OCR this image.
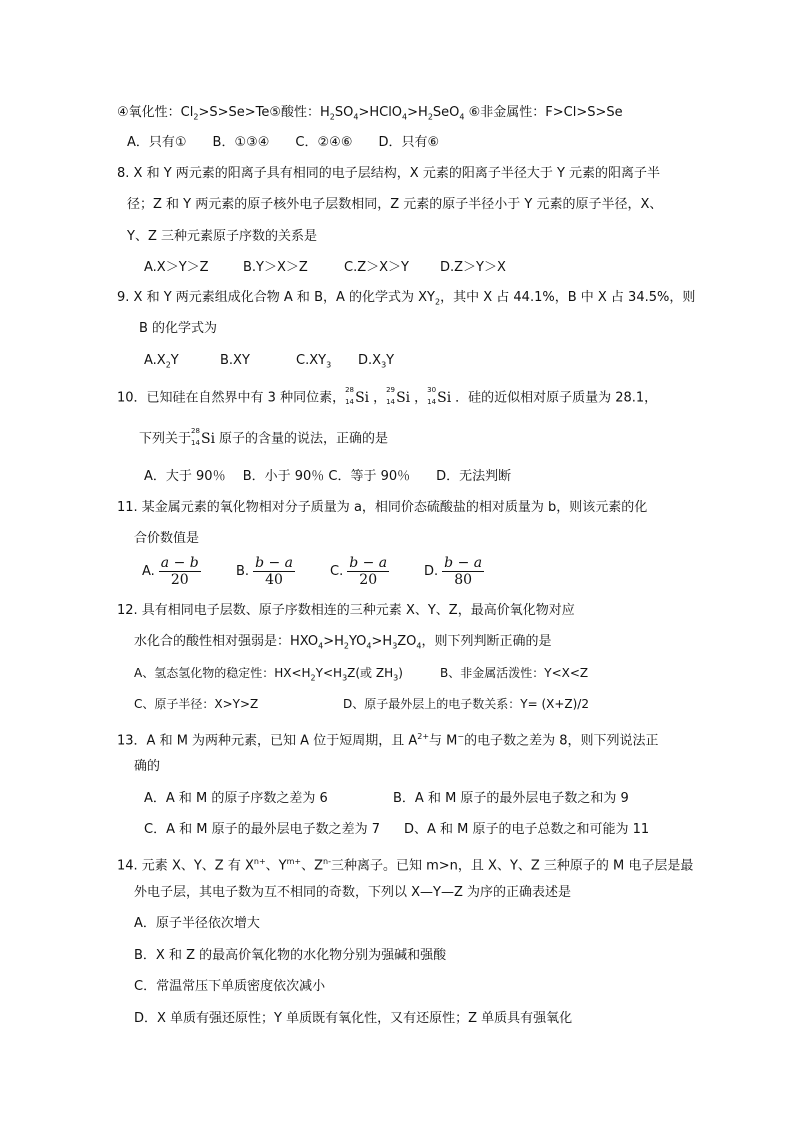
④氧化性：$Cl_2>S>Se>Te⑤$酸性：$H_2SO_4>HClO_4>H_2SeO_4$ ⑥非金属性：F>Cl>S>Se
A．只有①　　B．①③④　　C．②④⑥　　D．只有⑥
8. X 和 Y 两元素的阳离子具有相同的电子层结构，X 元素的阳离子半径大于 Y 元素的阳离子半
径；Z 和 Y 两元素的原子核外电子层数相同，Z 元素的原子半径小于 Y 元素的原子半径，X、
Y、Z 三种元素原子序数的关系是
A.X＞Y＞Z	B.Y＞X＞Z	C.Z＞X＞Y D.Z＞Y＞X
9. X 和 Y 两元素组成化合物 A 和 B，A 的化学式为 $XY_2$，其中 X 占 44.1%，B 中 X 占 34.5%，则
B 的化学式为
$A.X_2Y$	B.XY	$C.XY_3$ $D.X_3Y$
10．已知硅在自然界中有 3 种同位素，
28
14 Si ，
29
14 Si ，
30
14 Si ．硅的近似相对原子质量为 28.1，
下列关于
28
14 Si 原子的含量的说法，正确的是
A．大于 90％　 B．小于 90％ C．等于 90％　　D．无法判断
11. 某金属元素的氧化物相对分子质量为 a，相同价态硫酸盐的相对质量为 b，则该元素的化
合价数值是
A. $\frac{a - b}{20}$	B. $\frac{b - a}{40}$	C. $\frac{b - a}{20}$	D. $\frac{b - a}{80}$
12. 具有相同电子层数、原子序数相连的三种元素 X、Y、Z，最高价氧化物对应
水化合的酸性相对强弱是：$HXO_4>H_2YO_4>H_3ZO_4$，则下列判断正确的是
A、氢态氢化物的稳定性：$HX<H_2Y<H_3Z$(或 $ZH_3$)	B、非金属活泼性：Y<X<Z
C、原子半径：X>Y>Z	D、原子最外层上的电子数关系：Y= (X+Z)/2
13．A 和 M 为两种元素，已知 A 位于短周期，且 $A^{2+}$与 M−的电子数之差为 8，则下列说法正
确的
A．A 和 M 的原子序数之差为 6	B．A 和 M 原子的最外层电子数之和为 9
C．A 和 M 原子的最外层电子数之差为 7 D、A 和 M 原子的电子总数之和可能为 11
14. 元素 X、Y、Z 有 $X^{n+}$、$Y^{m+}$、$Z^{n-}$三种离子。已知 m>n，且 X、Y、Z 三种原子的 M 电子层是最
外电子层，其电子数为互不相同的奇数，下列以 X—Y—Z 为序的正确表述是
A．原子半径依次增大
B．X 和 Z 的最高价氧化物的水化物分别为强碱和强酸
C．常温常压下单质密度依次减小
D．X 单质有强还原性；Y 单质既有氧化性，又有还原性；Z 单质具有强氧化
